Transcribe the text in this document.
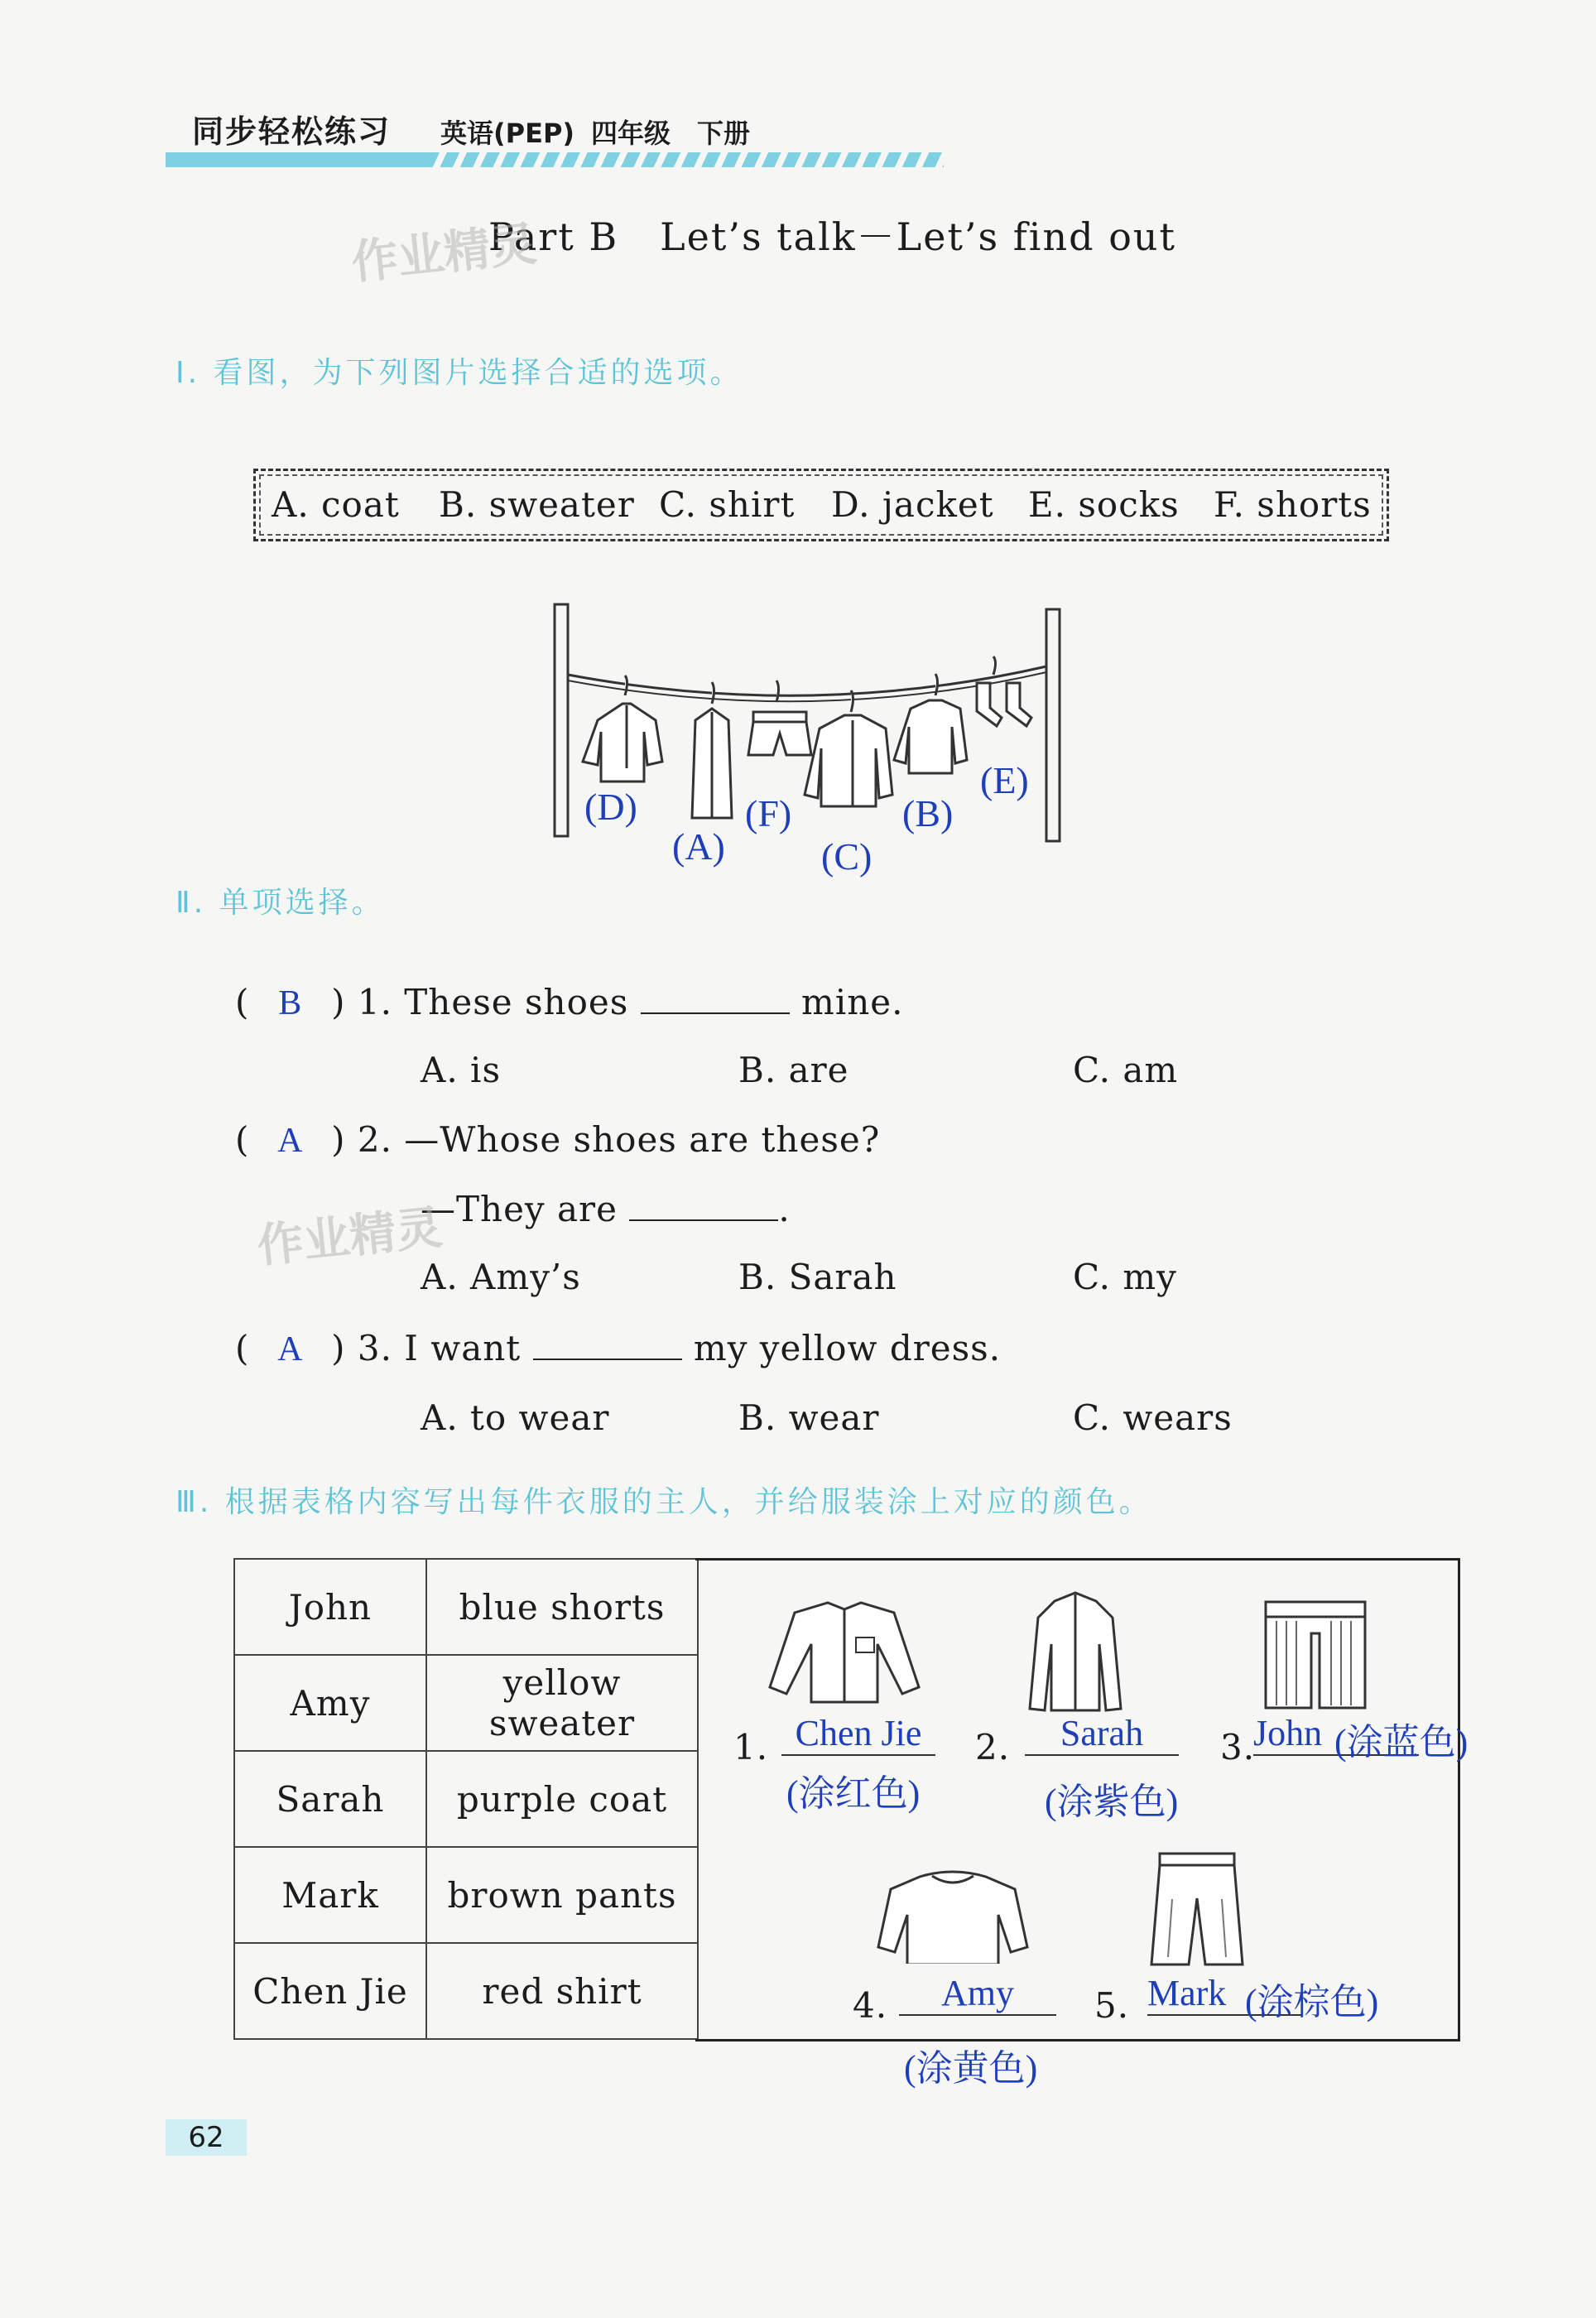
同步轻松练习 英语(PEP) 四年级 下册
Part B   Let’s talk－Let’s find out
作业精灵
Ⅰ. 看图，为下列图片选择合适的选项。
A. coat B. sweater C. shirt D. jacket E. socks F. shorts
(D)
(A)
(F)
(C)
(B)
(E)
Ⅱ. 单项选择。
( B ) 1. These shoes	mine.
A. is	B. are	C. am
( A ) 2. —Whose shoes are these?
—They are	.
作业精灵
A. Amy’s	B. Sarah	C. my
( A ) 3. I want	my yellow dress.
A. to wear	B. wear	C. wears
Ⅲ. 根据表格内容写出每件衣服的主人，并给服装涂上对应的颜色。
John	blue shorts
Amy	yellow sweater
Sarah	purple coat
Mark	brown pants
Chen Jie	red shirt
1. Chen Jie
(涂红色)
2.	Sarah
(涂紫色)
3.
John (涂蓝色)
4.	Amy
(涂黄色)
5. Mark (涂棕色)
62
